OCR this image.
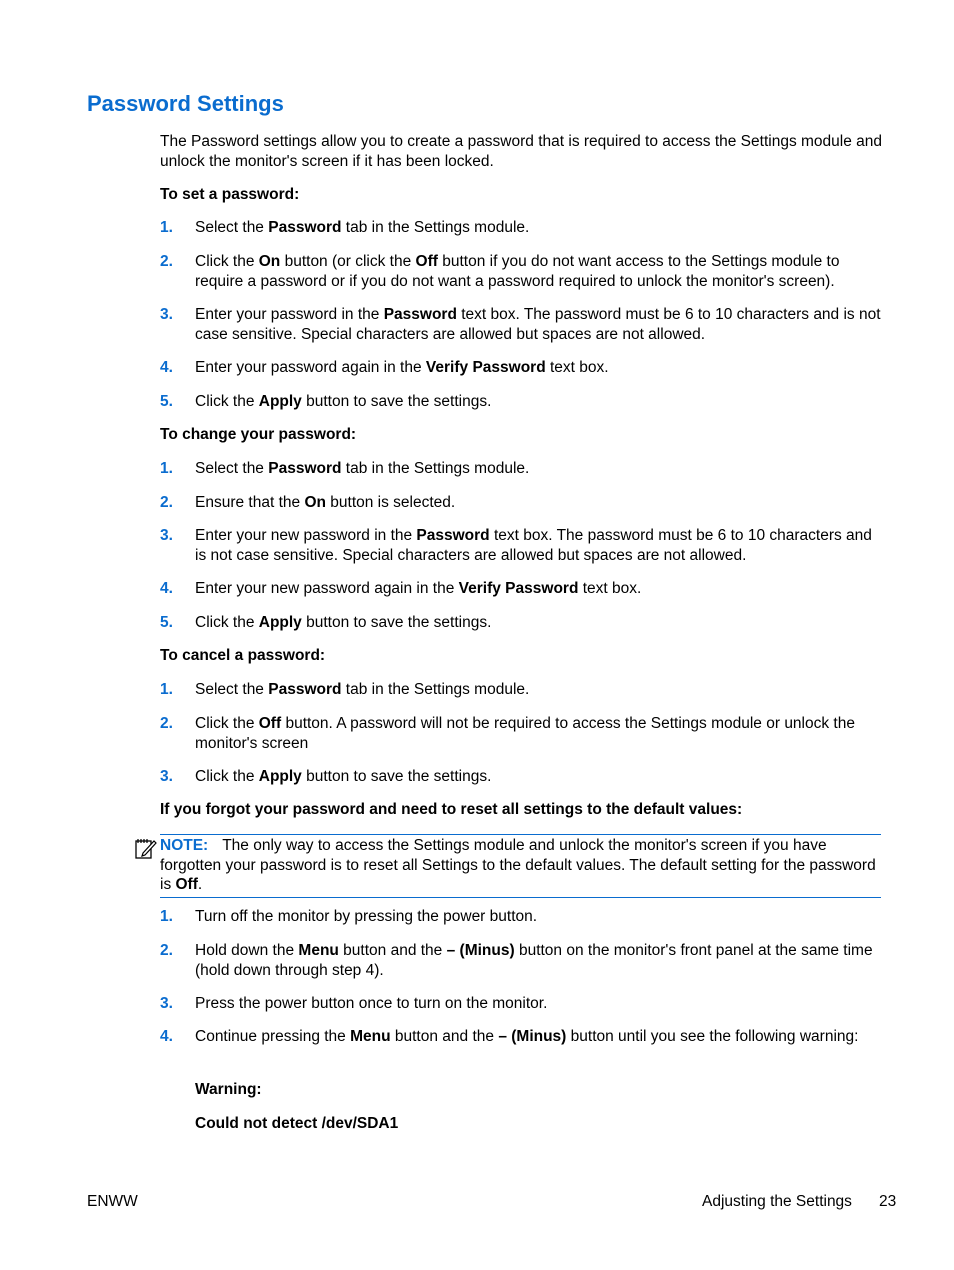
Password Settings
The Password settings allow you to create a password that is required to access the Settings module and unlock the monitor's screen if it has been locked.
To set a password:
1. Select the Password tab in the Settings module.
2. Click the On button (or click the Off button if you do not want access to the Settings module to require a password or if you do not want a password required to unlock the monitor's screen).
3. Enter your password in the Password text box. The password must be 6 to 10 characters and is not case sensitive. Special characters are allowed but spaces are not allowed.
4. Enter your password again in the Verify Password text box.
5. Click the Apply button to save the settings.
To change your password:
1. Select the Password tab in the Settings module.
2. Ensure that the On button is selected.
3. Enter your new password in the Password text box. The password must be 6 to 10 characters and is not case sensitive. Special characters are allowed but spaces are not allowed.
4. Enter your new password again in the Verify Password text box.
5. Click the Apply button to save the settings.
To cancel a password:
1. Select the Password tab in the Settings module.
2. Click the Off button. A password will not be required to access the Settings module or unlock the monitor's screen
3. Click the Apply button to save the settings.
If you forgot your password and need to reset all settings to the default values:
NOTE: The only way to access the Settings module and unlock the monitor's screen if you have forgotten your password is to reset all Settings to the default values. The default setting for the password is Off.
1. Turn off the monitor by pressing the power button.
2. Hold down the Menu button and the – (Minus) button on the monitor's front panel at the same time (hold down through step 4).
3. Press the power button once to turn on the monitor.
4. Continue pressing the Menu button and the – (Minus) button until you see the following warning:
Warning:
Could not detect /dev/SDA1
ENWW	Adjusting the Settings 23
